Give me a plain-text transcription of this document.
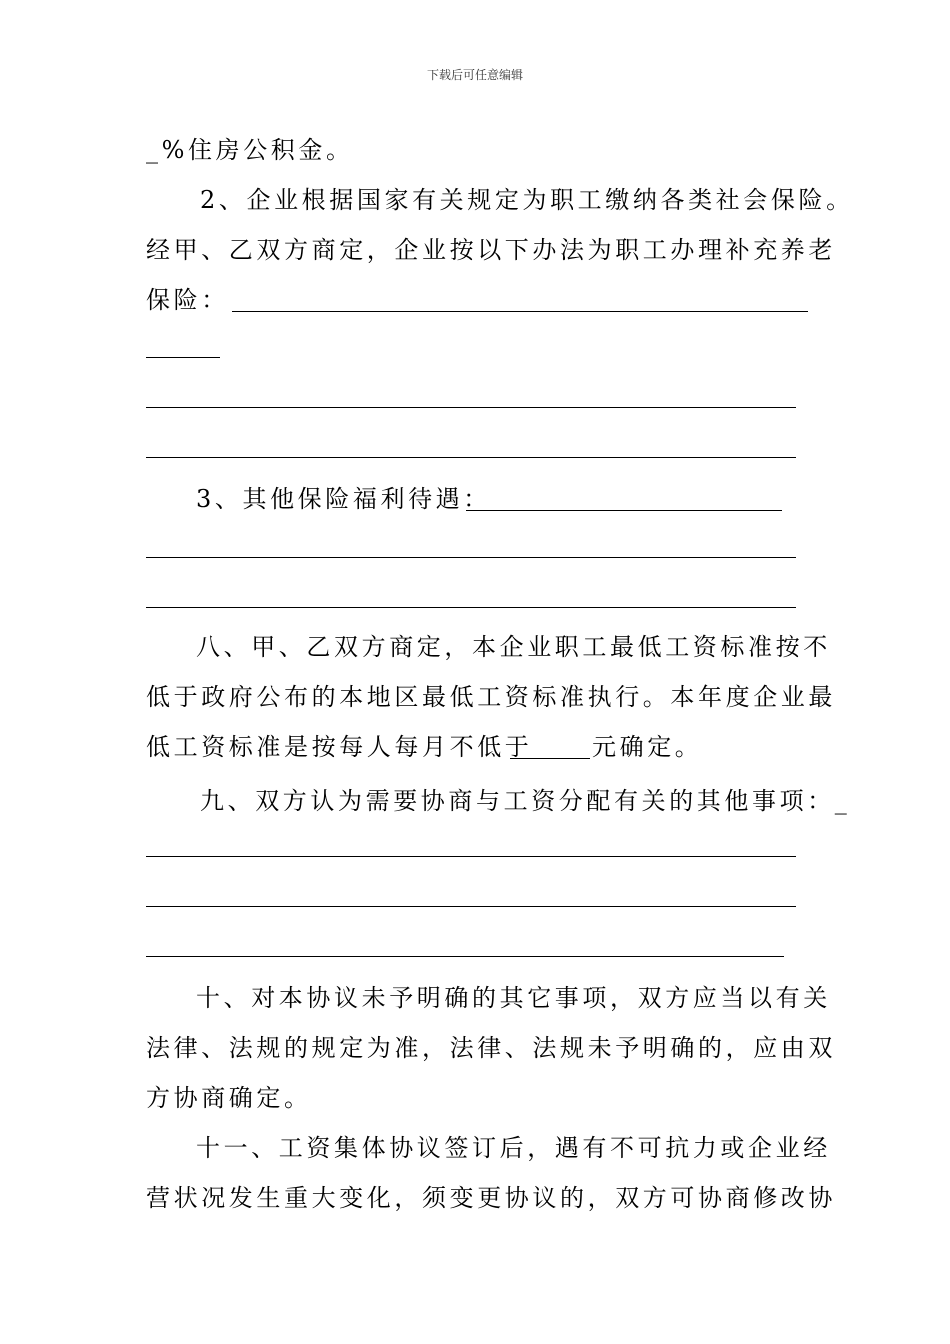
下载后可任意编辑
_%住房公积金。
2、企业根据国家有关规定为职工缴纳各类社会保险。
经甲、乙双方商定，企业按以下办法为职工办理补充养老
保险：
3、其他保险福利待遇：
八、甲、乙双方商定，本企业职工最低工资标准按不
低于政府公布的本地区最低工资标准执行。本年度企业最
低工资标准是按每人每月不低于 元确定。
九、双方认为需要协商与工资分配有关的其他事项：_
十、对本协议未予明确的其它事项，双方应当以有关
法律、法规的规定为准，法律、法规未予明确的，应由双
方协商确定。
十一、工资集体协议签订后，遇有不可抗力或企业经
营状况发生重大变化，须变更协议的，双方可协商修改协
